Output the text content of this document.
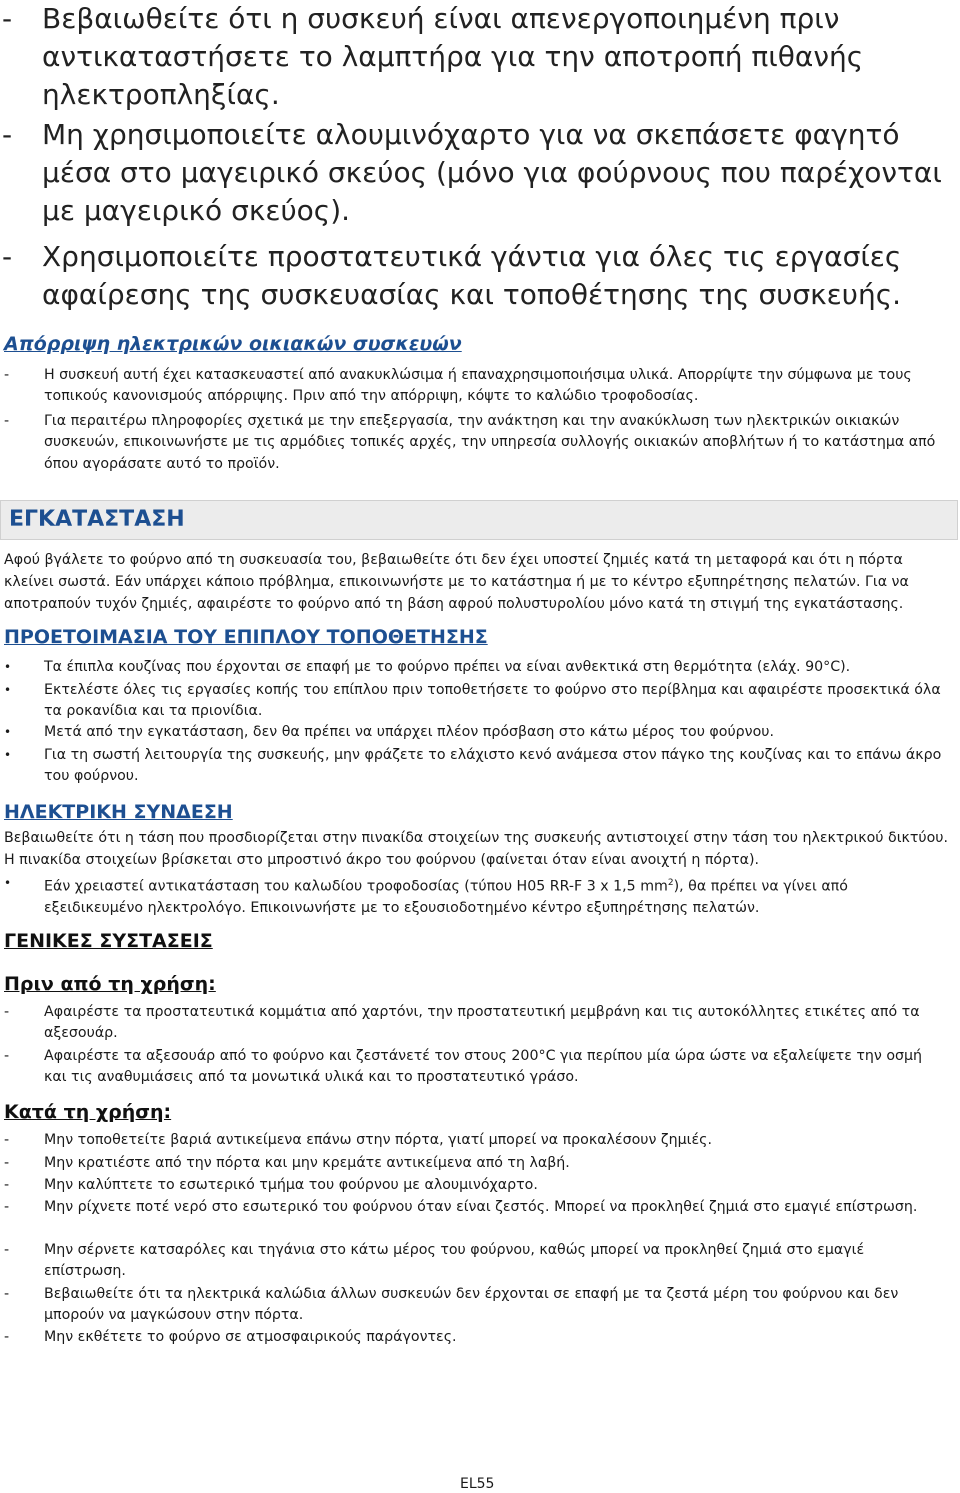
- Βεβαιωθείτε ότι η συσκευή είναι απενεργοποιημένη πριν αντικαταστήσετε το λαμπτήρα για την αποτροπή πιθανής ηλεκτροπληξίας.
- Μη χρησιμοποιείτε αλουμινόχαρτο για να σκεπάσετε φαγητό μέσα στο μαγειρικό σκεύος (μόνο για φούρνους που παρέχονται με μαγειρικό σκεύος).
- Χρησιμοποιείτε προστατευτικά γάντια για όλες τις εργασίες αφαίρεσης της συσκευασίας και τοποθέτησης της συσκευής.
Απόρριψη ηλεκτρικών οικιακών συσκευών
- Η συσκευή αυτή έχει κατασκευαστεί από ανακυκλώσιμα ή επαναχρησιμοποιήσιμα υλικά. Απορρίψτε την σύμφωνα με τους τοπικούς κανονισμούς απόρριψης. Πριν από την απόρριψη, κόψτε το καλώδιο τροφοδοσίας.
- Για περαιτέρω πληροφορίες σχετικά με την επεξεργασία, την ανάκτηση και την ανακύκλωση των ηλεκτρικών οικιακών συσκευών, επικοινωνήστε με τις αρμόδιες τοπικές αρχές, την υπηρεσία συλλογής οικιακών αποβλήτων ή το κατάστημα από όπου αγοράσατε αυτό το προϊόν.
ΕΓΚΑΤΑΣΤΑΣΗ
Αφού βγάλετε το φούρνο από τη συσκευασία του, βεβαιωθείτε ότι δεν έχει υποστεί ζημιές κατά τη μεταφορά και ότι η πόρτα κλείνει σωστά. Εάν υπάρχει κάποιο πρόβλημα, επικοινωνήστε με το κατάστημα ή με το κέντρο εξυπηρέτησης πελατών. Για να αποτραπούν τυχόν ζημιές, αφαιρέστε το φούρνο από τη βάση αφρού πολυστυρολίου μόνο κατά τη στιγμή της εγκατάστασης.
ΠΡΟΕΤΟΙΜΑΣΙΑ ΤΟΥ ΕΠΙΠΛΟΥ ΤΟΠΟΘΕΤΗΣΗΣ
• Τα έπιπλα κουζίνας που έρχονται σε επαφή με το φούρνο πρέπει να είναι ανθεκτικά στη θερμότητα (ελάχ. 90°C).
• Εκτελέστε όλες τις εργασίες κοπής του επίπλου πριν τοποθετήσετε το φούρνο στο περίβλημα και αφαιρέστε προσεκτικά όλα τα ροκανίδια και τα πριονίδια.
• Μετά από την εγκατάσταση, δεν θα πρέπει να υπάρχει πλέον πρόσβαση στο κάτω μέρος του φούρνου.
• Για τη σωστή λειτουργία της συσκευής, μην φράζετε το ελάχιστο κενό ανάμεσα στον πάγκο της κουζίνας και το επάνω άκρο του φούρνου.
ΗΛΕΚΤΡΙΚΗ ΣΥΝΔΕΣΗ
Βεβαιωθείτε ότι η τάση που προσδιορίζεται στην πινακίδα στοιχείων της συσκευής αντιστοιχεί στην τάση του ηλεκτρικού δικτύου. Η πινακίδα στοιχείων βρίσκεται στο μπροστινό άκρο του φούρνου (φαίνεται όταν είναι ανοιχτή η πόρτα).
• Εάν χρειαστεί αντικατάσταση του καλωδίου τροφοδοσίας (τύπου H05 RR-F 3 x 1,5 $mm^2$), θα πρέπει να γίνει από εξειδικευμένο ηλεκτρολόγο. Επικοινωνήστε με το εξουσιοδοτημένο κέντρο εξυπηρέτησης πελατών.
ΓΕΝΙΚΕΣ ΣΥΣΤΑΣΕΙΣ
Πριν από τη χρήση:
- Αφαιρέστε τα προστατευτικά κομμάτια από χαρτόνι, την προστατευτική μεμβράνη και τις αυτοκόλλητες ετικέτες από τα αξεσουάρ.
- Αφαιρέστε τα αξεσουάρ από το φούρνο και ζεστάνετέ τον στους 200°C για περίπου μία ώρα ώστε να εξαλείψετε την οσμή και τις αναθυμιάσεις από τα μονωτικά υλικά και το προστατευτικό γράσο.
Κατά τη χρήση:
- Μην τοποθετείτε βαριά αντικείμενα επάνω στην πόρτα, γιατί μπορεί να προκαλέσουν ζημιές.
- Μην κρατιέστε από την πόρτα και μην κρεμάτε αντικείμενα από τη λαβή.
- Μην καλύπτετε το εσωτερικό τμήμα του φούρνου με αλουμινόχαρτο.
- Μην ρίχνετε ποτέ νερό στο εσωτερικό του φούρνου όταν είναι ζεστός. Μπορεί να προκληθεί ζημιά στο εμαγιέ επίστρωση.
- Μην σέρνετε κατσαρόλες και τηγάνια στο κάτω μέρος του φούρνου, καθώς μπορεί να προκληθεί ζημιά στο εμαγιέ επίστρωση.
- Βεβαιωθείτε ότι τα ηλεκτρικά καλώδια άλλων συσκευών δεν έρχονται σε επαφή με τα ζεστά μέρη του φούρνου και δεν μπορούν να μαγκώσουν στην πόρτα.
- Μην εκθέτετε το φούρνο σε ατμοσφαιρικούς παράγοντες.
EL55
